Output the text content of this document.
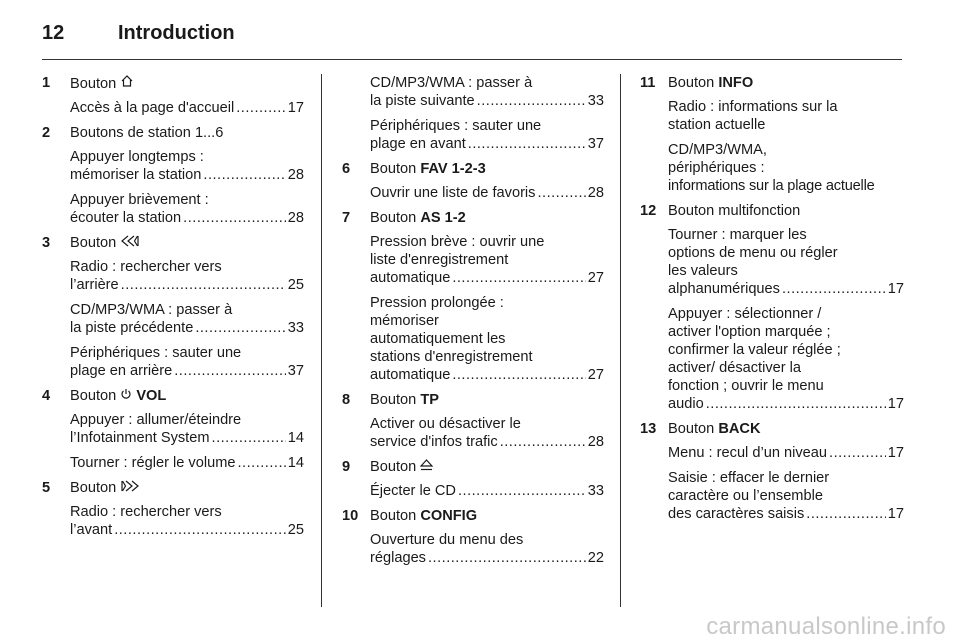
12	Introduction
1 Bouton
Accès à la page d'accueil .....	17
2 Boutons de station 1...6
Appuyer longtemps :
mémoriser la station .....	28
Appuyer brièvement :
écouter la station .....	28
3 Bouton
Radio : rechercher vers
l’arrière .....	25
CD/MP3/WMA : passer à
la piste précédente .....	33
Périphériques : sauter une
plage en arrière .....	37
4 Bouton VOL
Appuyer : allumer/éteindre
l’Infotainment System .....	14
Tourner : régler le volume .....	14
5 Bouton
Radio : rechercher vers
l’avant .....	25
CD/MP3/WMA : passer à
la piste suivante .....	33
Périphériques : sauter une
plage en avant .....	37
6 Bouton FAV 1-2-3
Ouvrir une liste de favoris .....	28
7 Bouton AS 1-2
Pression brève : ouvrir une
liste d'enregistrement
automatique .....	27
Pression prolongée :
mémoriser
automatiquement les
stations d'enregistrement
automatique .....	27
8 Bouton TP
Activer ou désactiver le
service d'infos trafic .....	28
9 Bouton
Éjecter le CD .....	33
10 Bouton CONFIG
Ouverture du menu des
réglages .....	22
11 Bouton INFO
Radio : informations sur la
station actuelle
CD/MP3/WMA,
périphériques :
informations sur la plage actuelle
12 Bouton multifonction
Tourner : marquer les
options de menu ou régler
les valeurs
alphanumériques .....	17
Appuyer : sélectionner /
activer l'option marquée ;
confirmer la valeur réglée ;
activer/ désactiver la
fonction ; ouvrir le menu
audio .....	17
13 Bouton BACK
Menu : recul d’un niveau .....	17
Saisie : effacer le dernier
caractère ou l’ensemble
des caractères saisis .....	17
carmanualsonline.info
